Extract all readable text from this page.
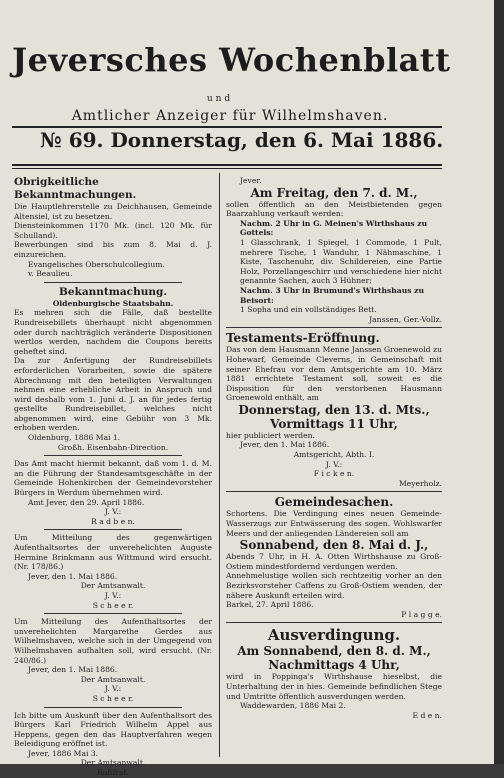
Jeversches Wochenblatt
und
Amtlicher Anzeiger für Wilhelmshaven.
№ 69. Donnerstag, den 6. Mai 1886.
Obrigkeitliche Bekanntmachungen.

Die Hauptlehrerstelle zu Deichhausen, Gemeinde Altensiel, ist zu besetzen.

Diensteinkommen 1170 Mk. (incl. 120 Mk. für Schulland).

Bewerbungen sind bis zum 8. Mai d. J. einzureichen.

Evangelisches Oberschulcollegium.
v. Beaulieu.
Bekanntmachung.
Oldenburgische Staatsbahn.

Es mehren sich die Fälle, daß bestellte Rundreisebillets überhaupt nicht abgenommen oder durch nachträglich veränderte Dispositionen wertlos werden, nachdem die Coupons bereits geheftet sind.

Da zur Anfertigung der Rundreisebillets erforderlichen Vorarbeiten, sowie die spätere Abrechnung mit den beteiligten Verwaltungen nehmen eine erhebliche Arbeit in Anspruch und wird deshalb vom 1. Juni d. J. an für jedes fertig gestellte Rundreisebillet, welches nicht abgenommen wird, eine Gebühr von 3 Mk. erhoben werden.

Oldenburg, 1886 Mai 1.
Großh. Eisenbahn-Direction.

Das Amt macht hiermit bekannt, daß vom 1. d. M. an die Führung der Standesamtsgeschäfte in der Gemeinde Hohenkirchen der Gemeindevorsteher Bürgers in Werdum übernehmen wird.

Amt Jever, den 29. April 1886.
J. V.:
R a d b e n.

Um Mitteilung des gegenwärtigen Aufenthaltsortes der unverehelichten Auguste Hermine Brinkmann aus Wittmund wird ersucht. (Nr. 178/86.)

Jever, den 1. Mai 1886.
Der Amtsanwalt.
J. V.:
S c h e e r.

Um Mitteilung des Aufenthaltsortes der unverehelichten Margarethe Gerdes aus Wilhelmshaven, welche sich in der Umgegend von Wilhelmshaven aufhalten soll, wird ersucht. (Nr. 240/86.)

Jever, den 1. Mai 1886.
Der Amtsanwalt.
J. V.:
S c h e e r.

Ich bitte um Auskunft über den Aufenthaltsort des Bürgers Karl Friedrich Wilhelm Appel aus Heppens, gegen den das Hauptverfahren wegen Beleidigung eröffnet ist.

Jever, 1886 Mai 3.
Der Amtsanwalt.
Rußfrat.
Jever.
Am Freitag, den 7. d. M.,

sollen öffentlich an den Meistbietenden gegen Baarzahlung verkauft werden:

Nachm. 2 Uhr in G. Meinen's Wirthshaus zu Gottels:

1 Glasschrank, 1 Spiegel, 1 Commode, 1 Pult, mehrere Tische, 1 Wanduhr, 1 Nähmaschine, 1 Kiste, Taschenuhr, div. Schildereien, eine Partie Holz, Porzellangeschirr und verschiedene hier nicht genannte Sachen, auch 3 Hühner;

Nachm. 3 Uhr in Brumund's Wirthshaus zu Beisort:
1 Sopha und ein vollständiges Bett.
Janssen, Ger.-Vollz.
Testaments-Eröffnung.

Das von dem Hausmann Menne Janssen Groenewold zu Hohewarf, Gemeinde Cleverns, in Gemeinschaft mit seiner Ehefrau vor dem Amtsgerichte am 10. März 1881 errichtete Testament soll, soweit es die Disposition für den verstorbenen Hausmann Groenewold enthält, am

Donnerstag, den 13. d. Mts.,
Vormittags 11 Uhr,
hier publiciert werden.
Jever, den 1. Mai 1886.
Amtsgericht, Abth. I.
J. V.:
F i c k e n.
Meyerholz.
Gemeindesachen.

Schortens. Die Verdingung eines neuen Gemeinde-Wasserzugs zur Entwässerung des sogen. Wohlswarfer Meers und der anliegenden Ländereien soll am

Sonnabend, den 8. Mai d. J.,

Abends 7 Uhr, in H. A. Otten Wirthshause zu Groß-Ostiem mindestfordernd verdungen werden.

Annehmelustige wollen sich rechtzeitig vorher an den Bezirksvorsteher Caffens zu Groß-Ostiem wenden, der nähere Auskunft erteilen wird.

Barkel, 27. April 1886.
P l a g g e.
Ausverdingung.
Am Sonnabend, den 8. d. M.,
Nachmittags 4 Uhr,

wird in Poppinga's Wirthshause hieselbst, die Unterhaltung der in hies. Gemeinde befindlichen Stege und Umtritte öffentlich ausverdungen werden.

Waddewarden, 1886 Mai 2.
E d e n.
